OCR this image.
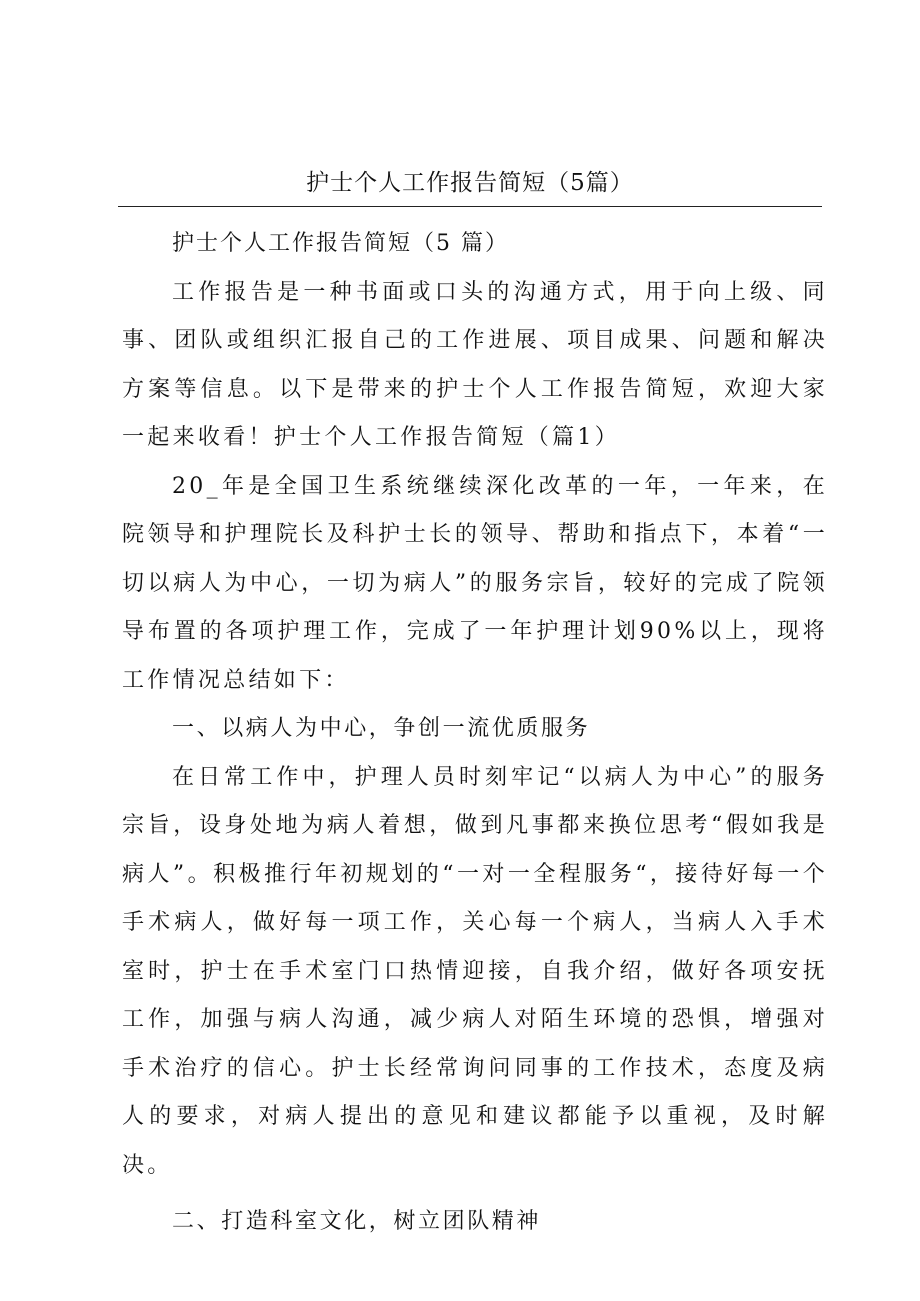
护士个人工作报告简短（5篇）

护士个人工作报告简短（5 篇）

工作报告是一种书面或口头的沟通方式，用于向上级、同事、团队或组织汇报自己的工作进展、项目成果、问题和解决方案等信息。以下是带来的护士个人工作报告简短，欢迎大家一起来收看！护士个人工作报告简短（篇1）

20_年是全国卫生系统继续深化改革的一年，一年来，在院领导和护理院长及科护士长的领导、帮助和指点下，本着“一切以病人为中心，一切为病人”的服务宗旨，较好的完成了院领导布置的各项护理工作，完成了一年护理计划90%以上，现将工作情况总结如下：

一、以病人为中心，争创一流优质服务

在日常工作中，护理人员时刻牢记“以病人为中心”的服务宗旨，设身处地为病人着想，做到凡事都来换位思考“假如我是病人”。积极推行年初规划的“一对一全程服务“，接待好每一个手术病人，做好每一项工作，关心每一个病人，当病人入手术室时，护士在手术室门口热情迎接，自我介绍，做好各项安抚工作，加强与病人沟通，减少病人对陌生环境的恐惧，增强对手术治疗的信心。护士长经常询问同事的工作技术，态度及病人的要求，对病人提出的意见和建议都能予以重视，及时解决。

二、打造科室文化，树立团队精神
